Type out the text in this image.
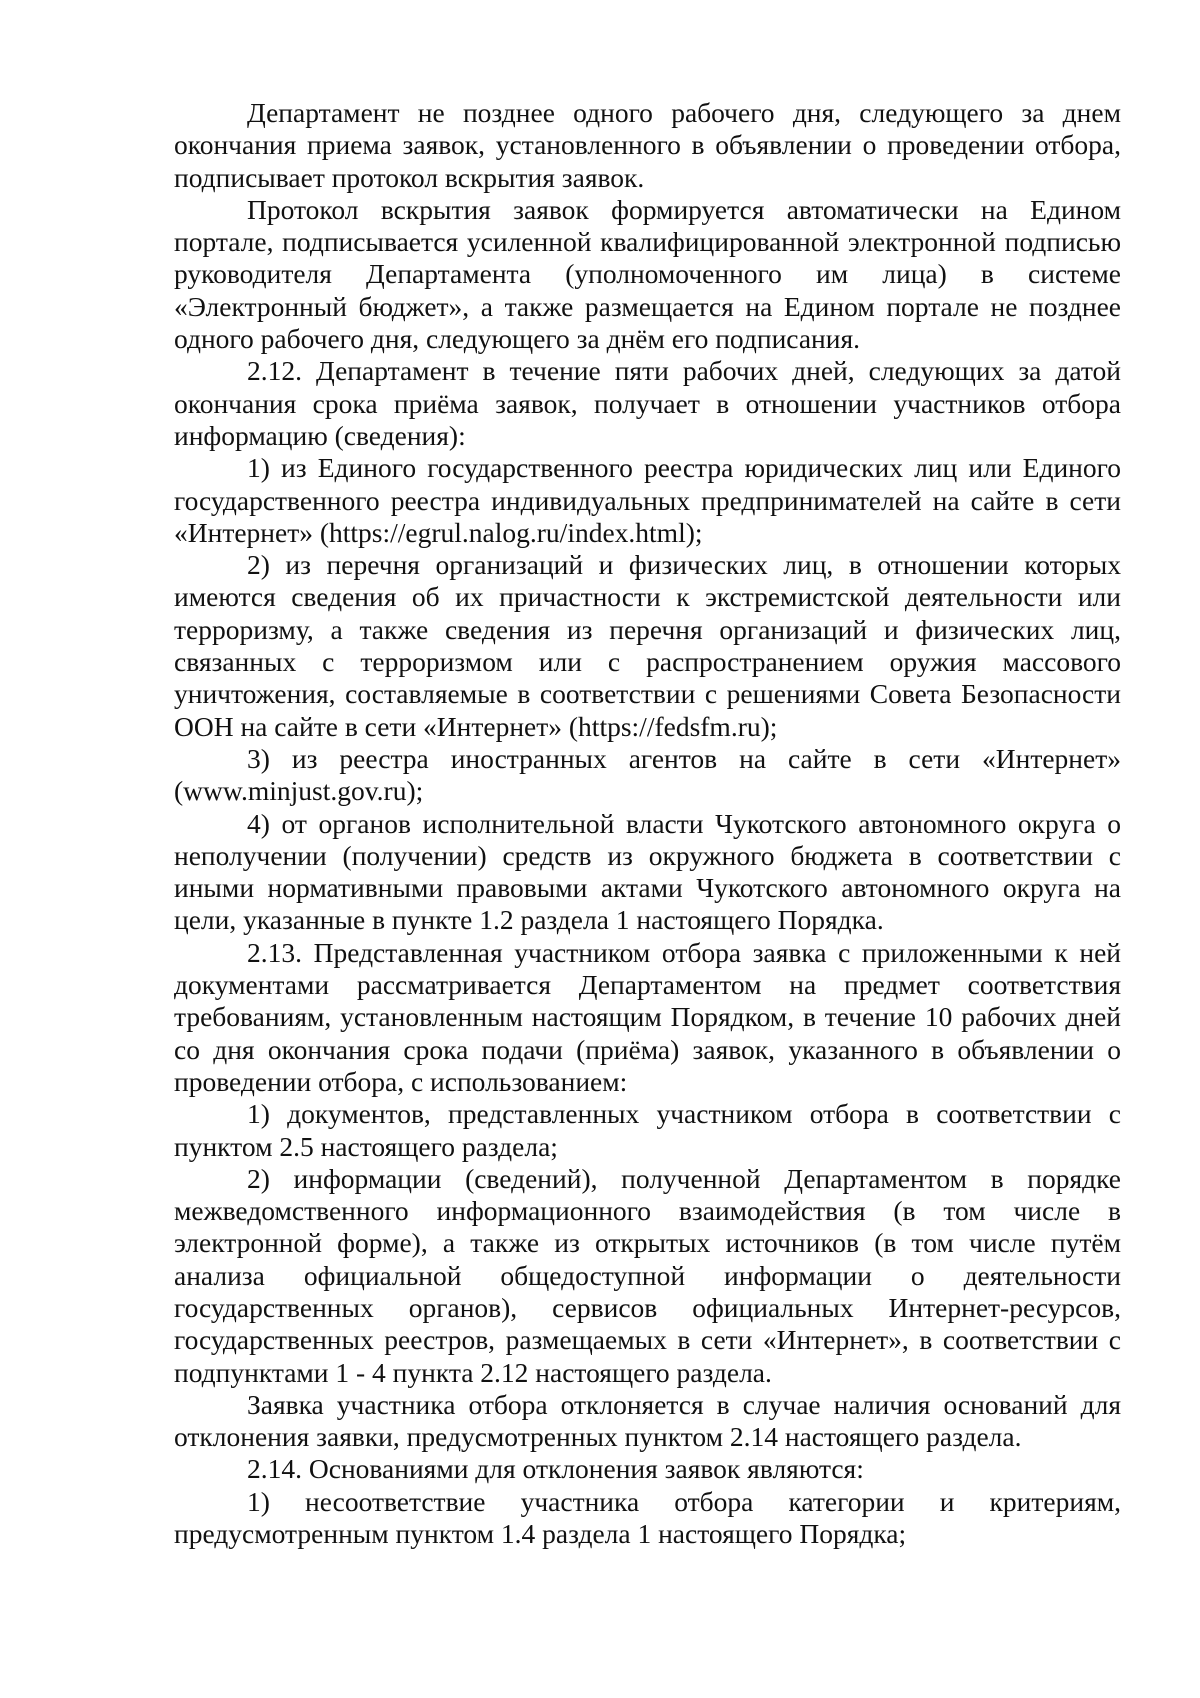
Департамент не позднее одного рабочего дня, следующего за днем окончания приема заявок, установленного в объявлении о проведении отбора, подписывает протокол вскрытия заявок.

Протокол вскрытия заявок формируется автоматически на Едином портале, подписывается усиленной квалифицированной электронной подписью руководителя Департамента (уполномоченного им лица) в системе «Электронный бюджет», а также размещается на Едином портале не позднее одного рабочего дня, следующего за днём его подписания.

2.12. Департамент в течение пяти рабочих дней, следующих за датой окончания срока приёма заявок, получает в отношении участников отбора информацию (сведения):

1) из Единого государственного реестра юридических лиц или Единого государственного реестра индивидуальных предпринимателей на сайте в сети «Интернет» (https://egrul.nalog.ru/index.html);

2) из перечня организаций и физических лиц, в отношении которых имеются сведения об их причастности к экстремистской деятельности или терроризму, а также сведения из перечня организаций и физических лиц, связанных с терроризмом или с распространением оружия массового уничтожения, составляемые в соответствии с решениями Совета Безопасности ООН на сайте в сети «Интернет» (https://fedsfm.ru);

3) из реестра иностранных агентов на сайте в сети «Интернет» (www.minjust.gov.ru);

4) от органов исполнительной власти Чукотского автономного округа о неполучении (получении) средств из окружного бюджета в соответствии с иными нормативными правовыми актами Чукотского автономного округа на цели, указанные в пункте 1.2 раздела 1 настоящего Порядка.

2.13. Представленная участником отбора заявка с приложенными к ней документами рассматривается Департаментом на предмет соответствия требованиям, установленным настоящим Порядком, в течение 10 рабочих дней со дня окончания срока подачи (приёма) заявок, указанного в объявлении о проведении отбора, с использованием:

1) документов, представленных участником отбора в соответствии с пунктом 2.5 настоящего раздела;

2) информации (сведений), полученной Департаментом в порядке межведомственного информационного взаимодействия (в том числе в электронной форме), а также из открытых источников (в том числе путём анализа официальной общедоступной информации о деятельности государственных органов), сервисов официальных Интернет-ресурсов, государственных реестров, размещаемых в сети «Интернет», в соответствии с подпунктами 1 - 4 пункта 2.12 настоящего раздела.

Заявка участника отбора отклоняется в случае наличия оснований для отклонения заявки, предусмотренных пунктом 2.14 настоящего раздела.

2.14. Основаниями для отклонения заявок являются:

1) несоответствие участника отбора категории и критериям, предусмотренным пунктом 1.4 раздела 1 настоящего Порядка;
